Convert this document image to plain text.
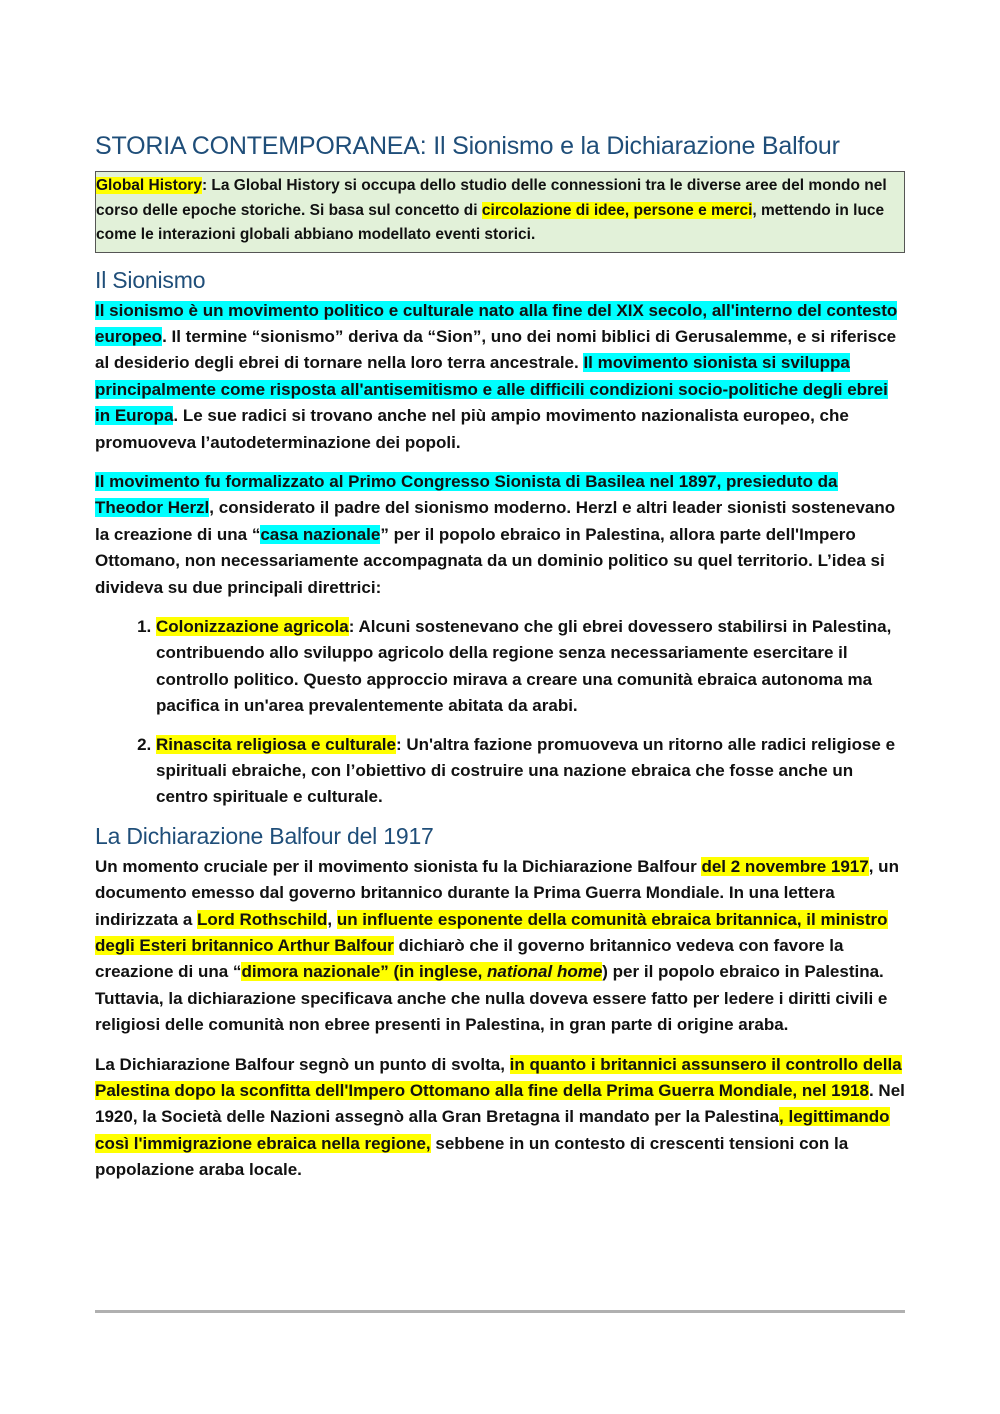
STORIA CONTEMPORANEA: Il Sionismo e la Dichiarazione Balfour
Global History: La Global History si occupa dello studio delle connessioni tra le diverse aree del mondo nel corso delle epoche storiche. Si basa sul concetto di circolazione di idee, persone e merci, mettendo in luce come le interazioni globali abbiano modellato eventi storici.
Il Sionismo

Il sionismo è un movimento politico e culturale nato alla fine del XIX secolo, all'interno del contesto europeo. Il termine “sionismo” deriva da “Sion”, uno dei nomi biblici di Gerusalemme, e si riferisce al desiderio degli ebrei di tornare nella loro terra ancestrale. Il movimento sionista si sviluppa principalmente come risposta all'antisemitismo e alle difficili condizioni socio-politiche degli ebrei in Europa. Le sue radici si trovano anche nel più ampio movimento nazionalista europeo, che promuoveva l’autodeterminazione dei popoli.

Il movimento fu formalizzato al Primo Congresso Sionista di Basilea nel 1897, presieduto da Theodor Herzl, considerato il padre del sionismo moderno. Herzl e altri leader sionisti sostenevano la creazione di una “casa nazionale” per il popolo ebraico in Palestina, allora parte dell'Impero Ottomano, non necessariamente accompagnata da un dominio politico su quel territorio. L’idea si divideva su due principali direttrici:

1. Colonizzazione agricola: Alcuni sostenevano che gli ebrei dovessero stabilirsi in Palestina, contribuendo allo sviluppo agricolo della regione senza necessariamente esercitare il controllo politico. Questo approccio mirava a creare una comunità ebraica autonoma ma pacifica in un'area prevalentemente abitata da arabi.
2. Rinascita religiosa e culturale: Un'altra fazione promuoveva un ritorno alle radici religiose e spirituali ebraiche, con l’obiettivo di costruire una nazione ebraica che fosse anche un centro spirituale e culturale.
La Dichiarazione Balfour del 1917

Un momento cruciale per il movimento sionista fu la Dichiarazione Balfour del 2 novembre 1917, un documento emesso dal governo britannico durante la Prima Guerra Mondiale. In una lettera indirizzata a Lord Rothschild, un influente esponente della comunità ebraica britannica, il ministro degli Esteri britannico Arthur Balfour dichiarò che il governo britannico vedeva con favore la creazione di una “dimora nazionale” (in inglese, national home) per il popolo ebraico in Palestina. Tuttavia, la dichiarazione specificava anche che nulla doveva essere fatto per ledere i diritti civili e religiosi delle comunità non ebree presenti in Palestina, in gran parte di origine araba.

La Dichiarazione Balfour segnò un punto di svolta, in quanto i britannici assunsero il controllo della Palestina dopo la sconfitta dell'Impero Ottomano alla fine della Prima Guerra Mondiale, nel 1918. Nel 1920, la Società delle Nazioni assegnò alla Gran Bretagna il mandato per la Palestina, legittimando così l'immigrazione ebraica nella regione, sebbene in un contesto di crescenti tensioni con la popolazione araba locale.
